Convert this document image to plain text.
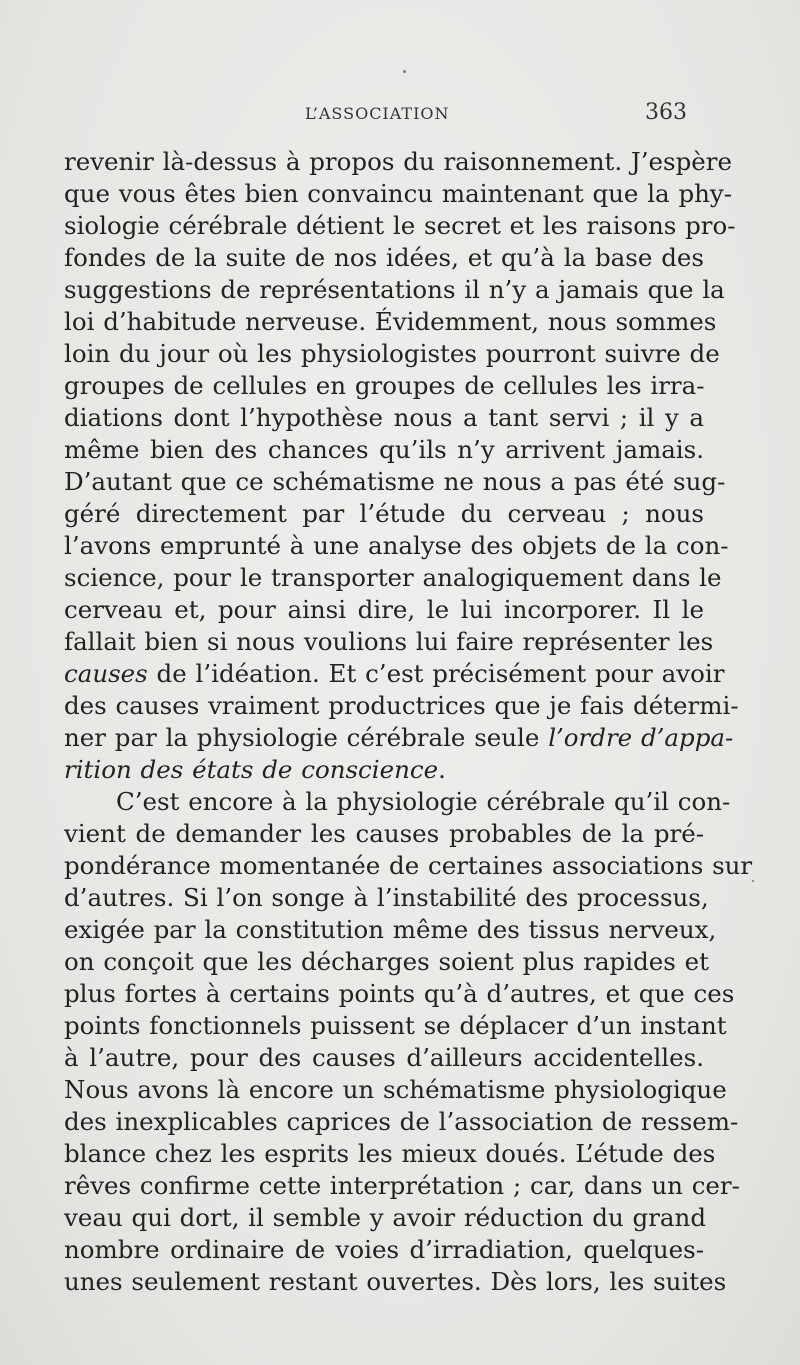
L’ASSOCIATION	363
revenir là-dessus à propos du raisonnement. J’espère
que vous êtes bien convaincu maintenant que la phy-
siologie cérébrale détient le secret et les raisons pro-
fondes de la suite de nos idées, et qu’à la base des
suggestions de représentations il n’y a jamais que la
loi d’habitude nerveuse. Évidemment, nous sommes
loin du jour où les physiologistes pourront suivre de
groupes de cellules en groupes de cellules les irra-
diations dont l’hypothèse nous a tant servi ; il y a
même bien des chances qu’ils n’y arrivent jamais.
D’autant que ce schématisme ne nous a pas été sug-
géré directement par l’étude du cerveau ; nous
l’avons emprunté à une analyse des objets de la con-
science, pour le transporter analogiquement dans le
cerveau et, pour ainsi dire, le lui incorporer. Il le
fallait bien si nous voulions lui faire représenter les
causes de l’idéation. Et c’est précisément pour avoir
des causes vraiment productrices que je fais détermi-
ner par la physiologie cérébrale seule l’ordre d’appa-
rition des états de conscience.
C’est encore à la physiologie cérébrale qu’il con-
vient de demander les causes probables de la pré-
pondérance momentanée de certaines associations sur
d’autres. Si l’on songe à l’instabilité des processus,
exigée par la constitution même des tissus nerveux,
on conçoit que les décharges soient plus rapides et
plus fortes à certains points qu’à d’autres, et que ces
points fonctionnels puissent se déplacer d’un instant
à l’autre, pour des causes d’ailleurs accidentelles.
Nous avons là encore un schématisme physiologique
des inexplicables caprices de l’association de ressem-
blance chez les esprits les mieux doués. L’étude des
rêves confirme cette interprétation ; car, dans un cer-
veau qui dort, il semble y avoir réduction du grand
nombre ordinaire de voies d’irradiation, quelques-
unes seulement restant ouvertes. Dès lors, les suites
